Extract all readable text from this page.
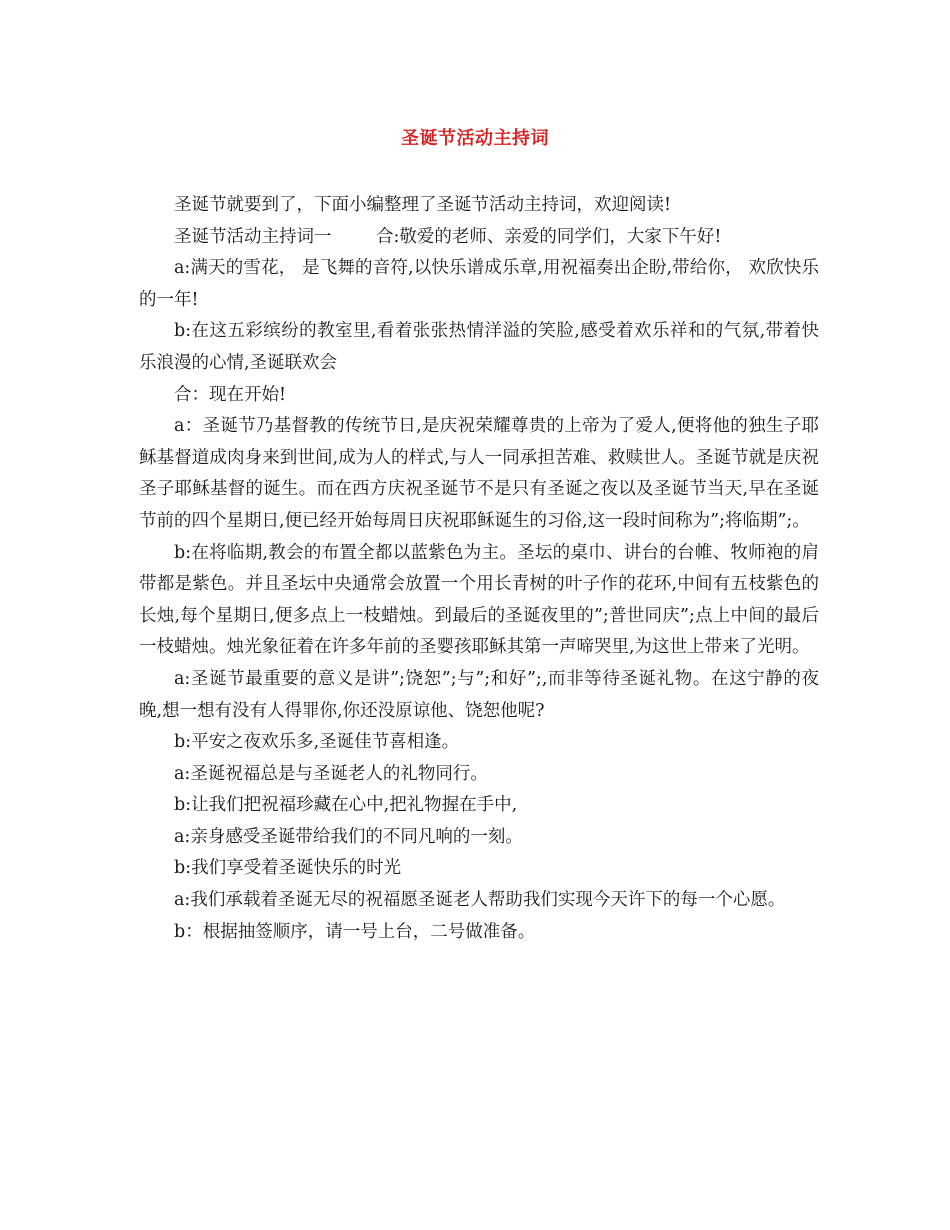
圣诞节活动主持词

圣诞节就要到了，下面小编整理了圣诞节活动主持词，欢迎阅读!

圣诞节活动主持词一        合:敬爱的老师、亲爱的同学们，大家下午好!

a:满天的雪花， 是飞舞的音符,以快乐谱成乐章,用祝福奏出企盼,带给你， 欢欣快乐的一年!

b:在这五彩缤纷的教室里,看着张张热情洋溢的笑脸,感受着欢乐祥和的气氛,带着快乐浪漫的心情,圣诞联欢会

合：现在开始!

a：圣诞节乃基督教的传统节日,是庆祝荣耀尊贵的上帝为了爱人,便将他的独生子耶稣基督道成肉身来到世间,成为人的样式,与人一同承担苦难、救赎世人。圣诞节就是庆祝圣子耶稣基督的诞生。而在西方庆祝圣诞节不是只有圣诞之夜以及圣诞节当天,早在圣诞节前的四个星期日,便已经开始每周日庆祝耶稣诞生的习俗,这一段时间称为”;将临期”;。

b:在将临期,教会的布置全都以蓝紫色为主。圣坛的桌巾、讲台的台帷、牧师袍的肩带都是紫色。并且圣坛中央通常会放置一个用长青树的叶子作的花环,中间有五枝紫色的长烛,每个星期日,便多点上一枝蜡烛。到最后的圣诞夜里的”;普世同庆”;点上中间的最后一枝蜡烛。烛光象征着在许多年前的圣婴孩耶稣其第一声啼哭里,为这世上带来了光明。

a:圣诞节最重要的意义是讲”;饶恕”;与”;和好”;,而非等待圣诞礼物。在这宁静的夜晚,想一想有没有人得罪你,你还没原谅他、饶恕他呢?

b:平安之夜欢乐多,圣诞佳节喜相逢。

a:圣诞祝福总是与圣诞老人的礼物同行。

b:让我们把祝福珍藏在心中,把礼物握在手中,

a:亲身感受圣诞带给我们的不同凡响的一刻。

b:我们享受着圣诞快乐的时光

a:我们承载着圣诞无尽的祝福愿圣诞老人帮助我们实现今天许下的每一个心愿。

b：根据抽签顺序，请一号上台，二号做准备。
